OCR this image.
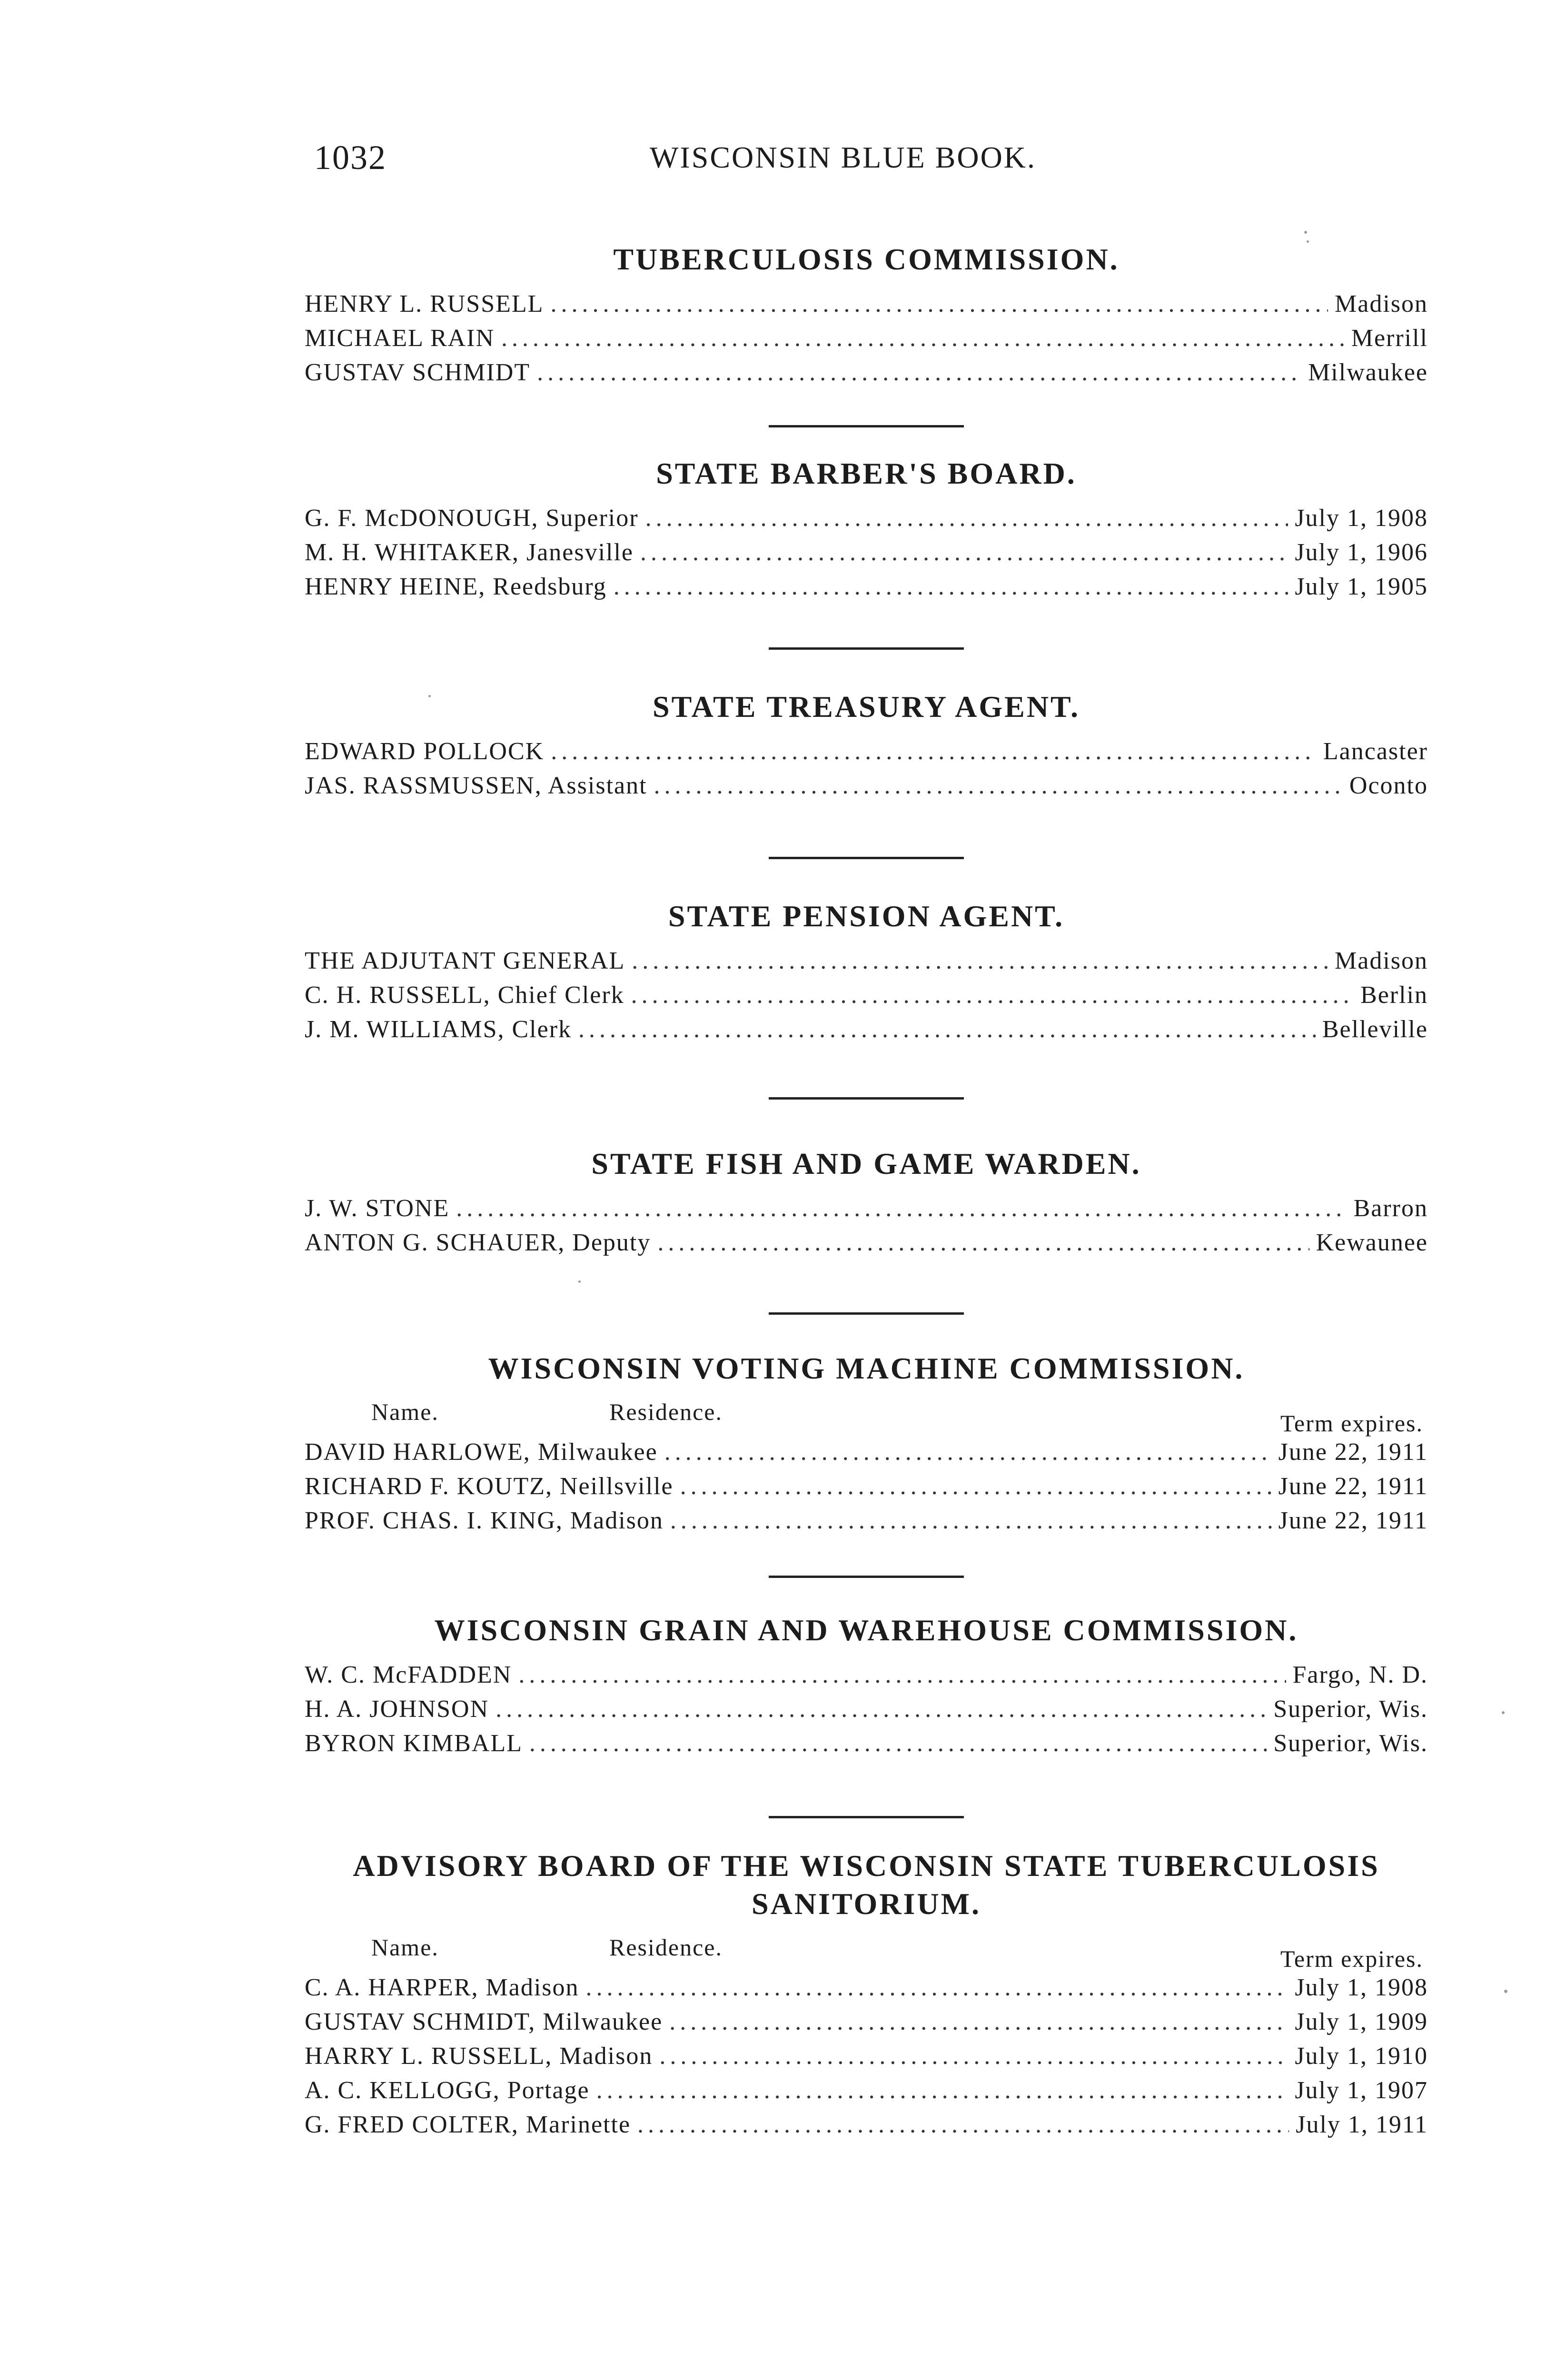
1032	WISCONSIN BLUE BOOK.
TUBERCULOSIS COMMISSION.
HENRY L. RUSSELL .....	Madison
MICHAEL RAIN .....	Merrill
GUSTAV SCHMIDT .....	Milwaukee
STATE BARBER'S BOARD.
G. F. McDONOUGH, Superior .....	July 1, 1908
M. H. WHITAKER, Janesville .....	July 1, 1906
HENRY HEINE, Reedsburg .....	July 1, 1905
STATE TREASURY AGENT.
EDWARD POLLOCK .....	Lancaster
JAS. RASSMUSSEN, Assistant .....	Oconto
STATE PENSION AGENT.
THE ADJUTANT GENERAL .....	Madison
C. H. RUSSELL, Chief Clerk .....	Berlin
J. M. WILLIAMS, Clerk .....	Belleville
STATE FISH AND GAME WARDEN.
J. W. STONE .....	Barron
ANTON G. SCHAUER, Deputy .....	Kewaunee
WISCONSIN VOTING MACHINE COMMISSION.
Name.	Residence.	Term expires.
DAVID HARLOWE, Milwaukee .....	June 22, 1911
RICHARD F. KOUTZ, Neillsville .....	June 22, 1911
PROF. CHAS. I. KING, Madison .....	June 22, 1911
WISCONSIN GRAIN AND WAREHOUSE COMMISSION.
W. C. McFADDEN .....	Fargo, N. D.
H. A. JOHNSON .....	Superior, Wis.
BYRON KIMBALL .....	Superior, Wis.
ADVISORY BOARD OF THE WISCONSIN STATE TUBERCULOSIS
SANITORIUM.
Name.	Residence.	Term expires.
C. A. HARPER, Madison .....	July 1, 1908
GUSTAV SCHMIDT, Milwaukee .....	July 1, 1909
HARRY L. RUSSELL, Madison .....	July 1, 1910
A. C. KELLOGG, Portage .....	July 1, 1907
G. FRED COLTER, Marinette .....	July 1, 1911
